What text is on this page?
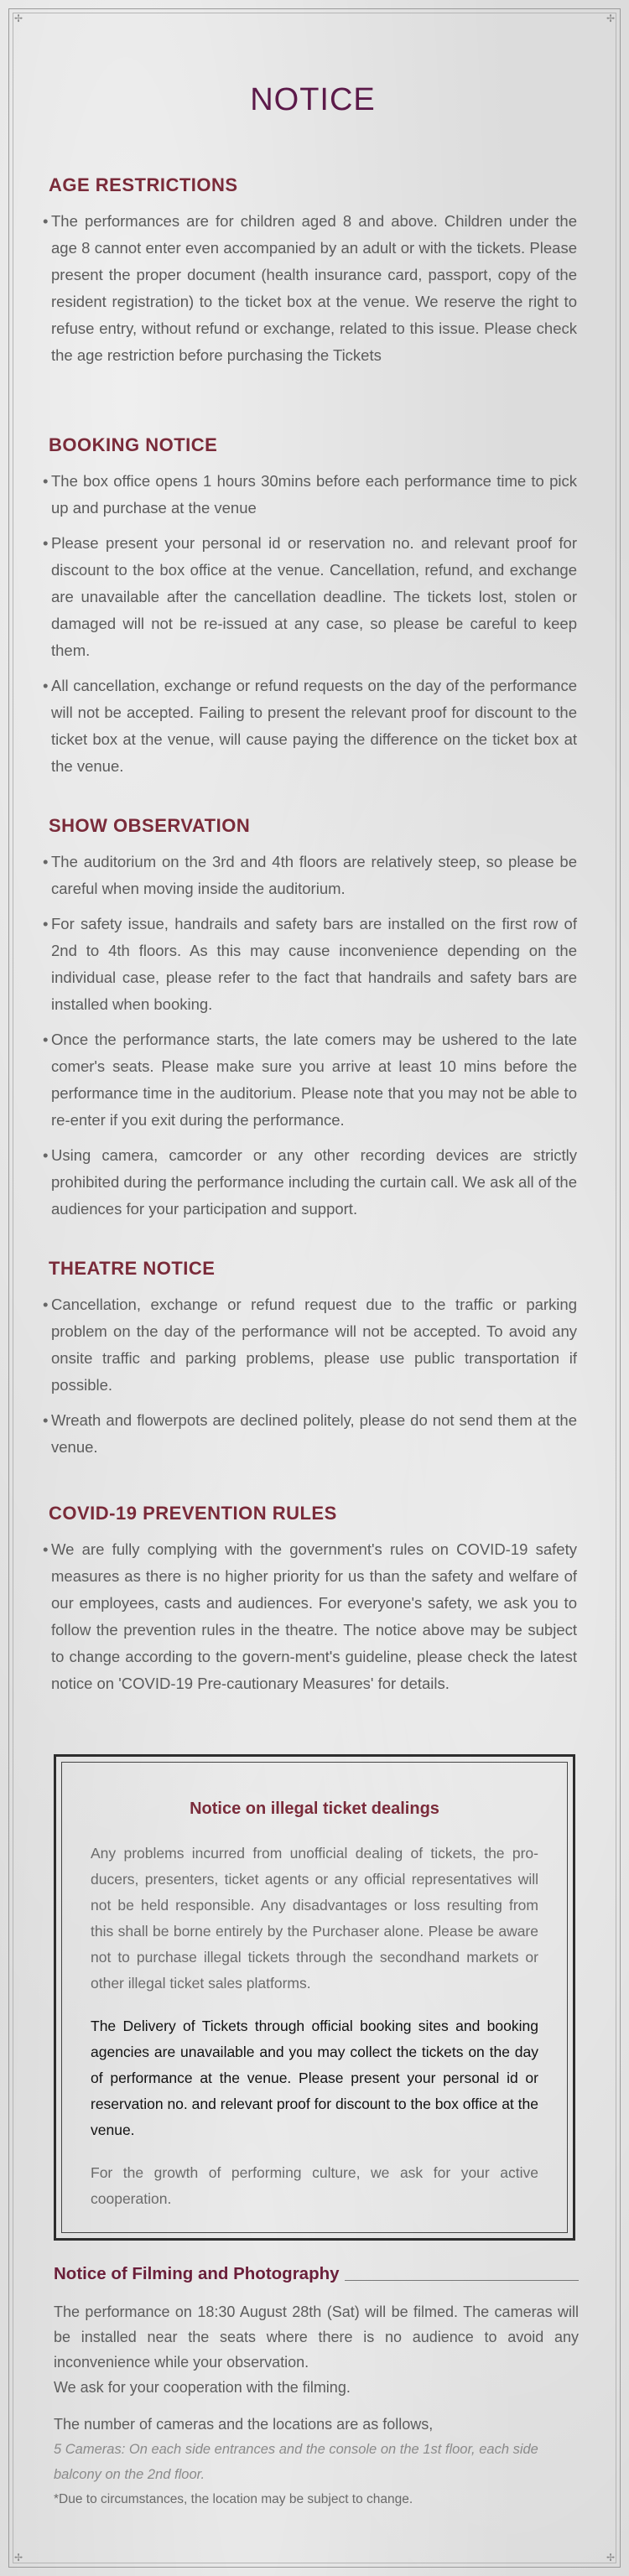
✢	✢
✢	✢
NOTICE
AGE RESTRICTIONS
• The performances are for children aged 8 and above. Children under the age 8 cannot enter even accompanied by an adult or with the tickets. Please present the proper document (health insurance card, passport, copy of the resident registration) to the ticket box at the venue. We reserve the right to refuse entry, without refund or exchange, related to this issue. Please check the age restriction before purchasing the Tickets
BOOKING NOTICE
• The box office opens 1 hours 30mins before each performance time to pick up and purchase at the venue
• Please present your personal id or reservation no. and relevant proof for discount to the box office at the venue. Cancellation, refund, and exchange are unavailable after the cancellation deadline. The tickets lost, stolen or damaged will not be re-issued at any case, so please be careful to keep them.
• All cancellation, exchange or refund requests on the day of the performance will not be accepted. Failing to present the relevant proof for discount to the ticket box at the venue, will cause paying the difference on the ticket box at the venue.
SHOW OBSERVATION
• The auditorium on the 3rd and 4th floors are relatively steep, so please be careful when moving inside the auditorium.
• For safety issue, handrails and safety bars are installed on the first row of 2nd to 4th floors. As this may cause inconvenience depending on the individual case, please refer to the fact that handrails and safety bars are installed when booking.
• Once the performance starts, the late comers may be ushered to the late comer's seats. Please make sure you arrive at least 10 mins before the performance time in the auditorium. Please note that you may not be able to re-enter if you exit during the performance.
• Using camera, camcorder or any other recording devices are strictly prohibited during the performance including the curtain call. We ask all of the audiences for your participation and support.
THEATRE NOTICE
• Cancellation, exchange or refund request due to the traffic or parking problem on the day of the performance will not be accepted. To avoid any onsite traffic and parking problems, please use public transportation if possible.
• Wreath and flowerpots are declined politely, please do not send them at the venue.
COVID-19 PREVENTION RULES
• We are fully complying with the government's rules on COVID-19 safety measures as there is no higher priority for us than the safety and welfare of our employees, casts and audiences. For everyone's safety, we ask you to follow the prevention rules in the theatre. The notice above may be subject to change according to the govern-ment's guideline, please check the latest notice on 'COVID-19 Pre-cautionary Measures' for details.
Notice on illegal ticket dealings

Any problems incurred from unofficial dealing of tickets, the pro-ducers, presenters, ticket agents or any official representatives will not be held responsible. Any disadvantages or loss resulting from this shall be borne entirely by the Purchaser alone. Please be aware not to purchase illegal tickets through the secondhand markets or other illegal ticket sales platforms.

The Delivery of Tickets through official booking sites and booking agencies are unavailable and you may collect the tickets on the day of performance at the venue. Please present your personal id or reservation no. and relevant proof for discount to the box office at the venue.

For the growth of performing culture, we ask for your active cooperation.

Notice of Filming and Photography

The performance on 18:30 August 28th (Sat) will be filmed. The cameras will be installed near the seats where there is no audience to avoid any inconvenience while your observation.

We ask for your cooperation with the filming.

The number of cameras and the locations are as follows,

5 Cameras: On each side entrances and the console on the 1st floor, each side balcony on the 2nd floor.

*Due to circumstances, the location may be subject to change.
